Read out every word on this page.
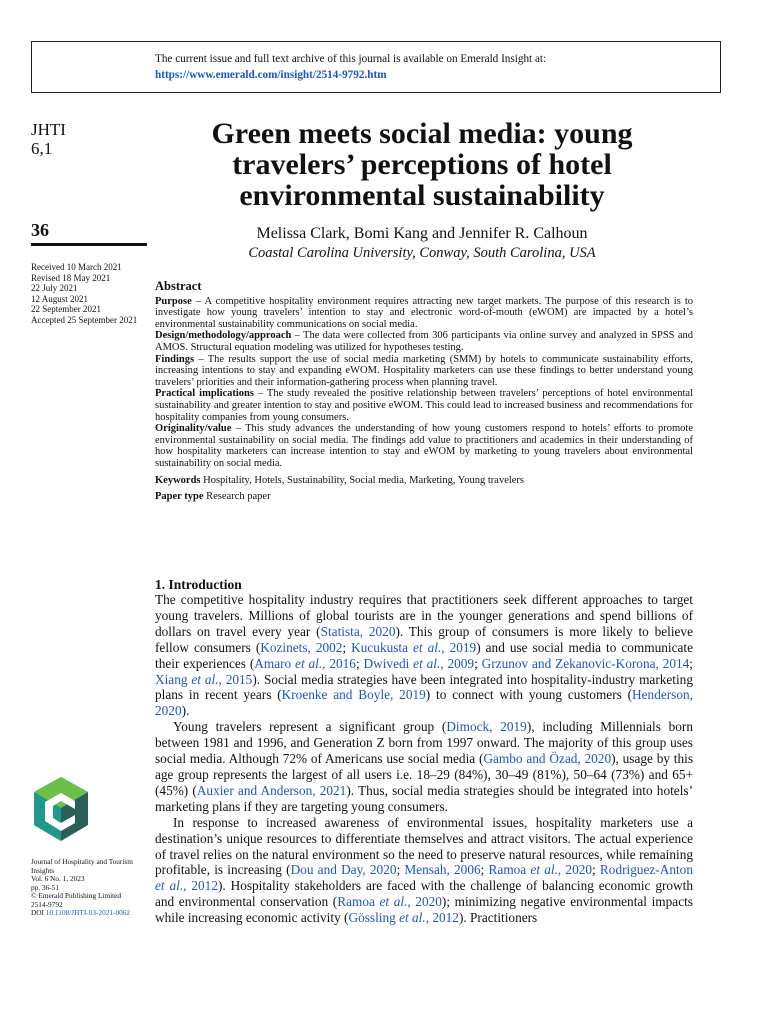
The current issue and full text archive of this journal is available on Emerald Insight at:
https://www.emerald.com/insight/2514-9792.htm
JHTI
6,1
36
Received 10 March 2021
Revised 18 May 2021
22 July 2021
12 August 2021
22 September 2021
Accepted 25 September 2021
Green meets social media: young travelers’ perceptions of hotel environmental sustainability
Melissa Clark, Bomi Kang and Jennifer R. Calhoun
Coastal Carolina University, Conway, South Carolina, USA
Abstract

Purpose – A competitive hospitality environment requires attracting new target markets. The purpose of this research is to investigate how young travelers’ intention to stay and electronic word-of-mouth (eWOM) are impacted by a hotel’s environmental sustainability communications on social media.

Design/methodology/approach – The data were collected from 306 participants via online survey and analyzed in SPSS and AMOS. Structural equation modeling was utilized for hypotheses testing.

Findings – The results support the use of social media marketing (SMM) by hotels to communicate sustainability efforts, increasing intentions to stay and expanding eWOM. Hospitality marketers can use these findings to better understand young travelers’ priorities and their information-gathering process when planning travel.

Practical implications – The study revealed the positive relationship between travelers’ perceptions of hotel environmental sustainability and greater intention to stay and positive eWOM. This could lead to increased business and recommendations for hospitality companies from young consumers.

Originality/value – This study advances the understanding of how young customers respond to hotels’ efforts to promote environmental sustainability on social media. The findings add value to practitioners and academics in their understanding of how hospitality marketers can increase intention to stay and eWOM by marketing to young travelers about environmental sustainability on social media.

Keywords Hospitality, Hotels, Sustainability, Social media, Marketing, Young travelers

Paper type Research paper

1. Introduction

The competitive hospitality industry requires that practitioners seek different approaches to target young travelers. Millions of global tourists are in the younger generations and spend billions of dollars on travel every year (Statista, 2020). This group of consumers is more likely to believe fellow consumers (Kozinets, 2002; Kucukusta et al., 2019) and use social media to communicate their experiences (Amaro et al., 2016; Dwivedi et al., 2009; Grzunov and Zekanovic-Korona, 2014; Xiang et al., 2015). Social media strategies have been integrated into hospitality-industry marketing plans in recent years (Kroenke and Boyle, 2019) to connect with young customers (Henderson, 2020).

Young travelers represent a significant group (Dimock, 2019), including Millennials born between 1981 and 1996, and Generation Z born from 1997 onward. The majority of this group uses social media. Although 72% of Americans use social media (Gambo and Özad, 2020), usage by this age group represents the largest of all users i.e. 18–29 (84%), 30–49 (81%), 50–64 (73%) and 65+ (45%) (Auxier and Anderson, 2021). Thus, social media strategies should be integrated into hotels’ marketing plans if they are targeting young consumers.

In response to increased awareness of environmental issues, hospitality marketers use a destination’s unique resources to differentiate themselves and attract visitors. The actual experience of travel relies on the natural environment so the need to preserve natural resources, while remaining profitable, is increasing (Dou and Day, 2020; Mensah, 2006; Ramoa et al., 2020; Rodriguez-Anton et al., 2012). Hospitality stakeholders are faced with the challenge of balancing economic growth and environmental conservation (Ramoa et al., 2020); minimizing negative environmental impacts while increasing economic activity (Gössling et al., 2012). Practitioners

Journal of Hospitality and Tourism
Insights
Vol. 6 No. 1, 2023
pp. 36-51
© Emerald Publishing Limited
2514-9792
DOI 10.1108/JHTI-03-2021-0062
